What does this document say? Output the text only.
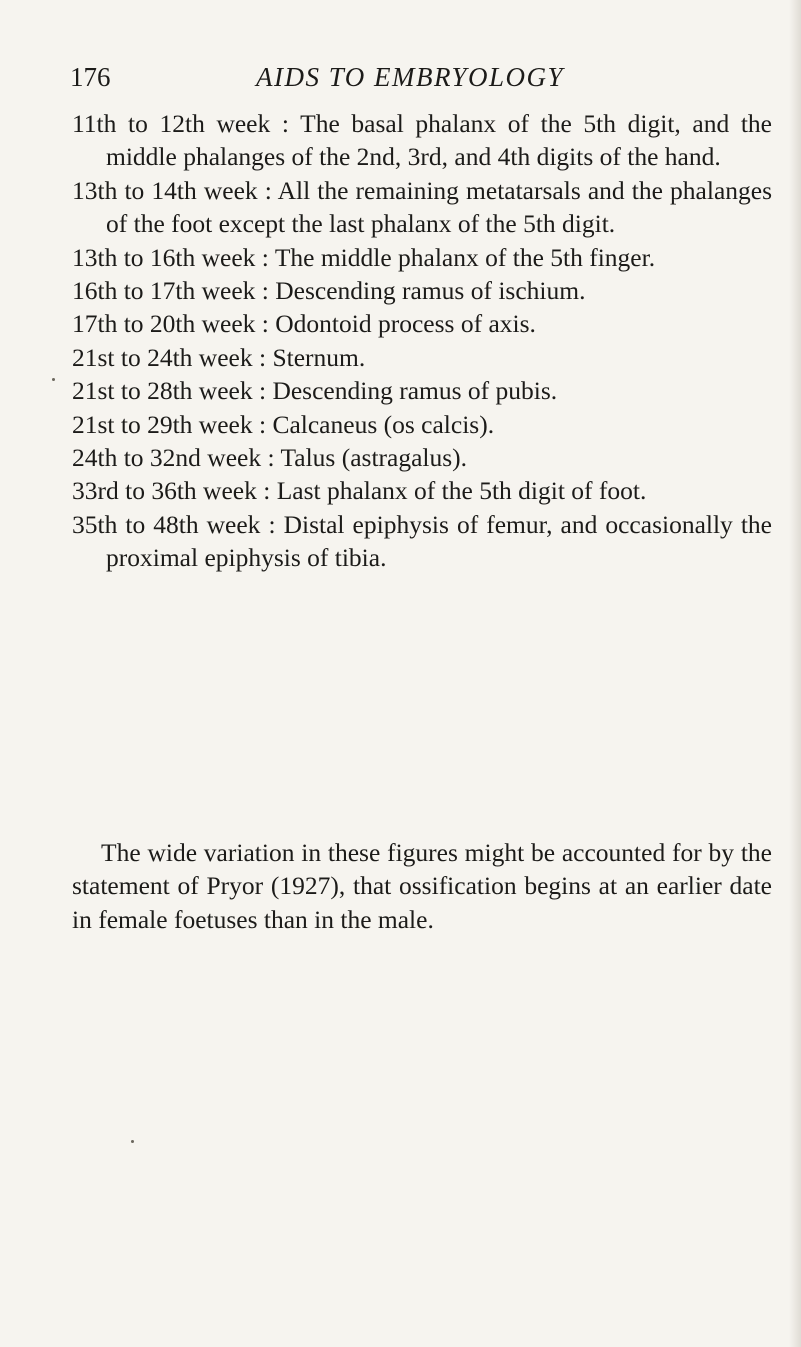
176	AIDS TO EMBRYOLOGY

11th to 12th week : The basal phalanx of the 5th digit, and the middle phalanges of the 2nd, 3rd, and 4th digits of the hand.

13th to 14th week : All the remaining metatarsals and the phalanges of the foot except the last phalanx of the 5th digit.

13th to 16th week : The middle phalanx of the 5th finger.

16th to 17th week : Descending ramus of ischium.

17th to 20th week : Odontoid process of axis.

21st to 24th week : Sternum.

21st to 28th week : Descending ramus of pubis.

21st to 29th week : Calcaneus (os calcis).

24th to 32nd week : Talus (astragalus).

33rd to 36th week : Last phalanx of the 5th digit of foot.

35th to 48th week : Distal epiphysis of femur, and occasionally the proximal epiphysis of tibia.

The wide variation in these figures might be accounted for by the statement of Pryor (1927), that ossification begins at an earlier date in female foetuses than in the male.
